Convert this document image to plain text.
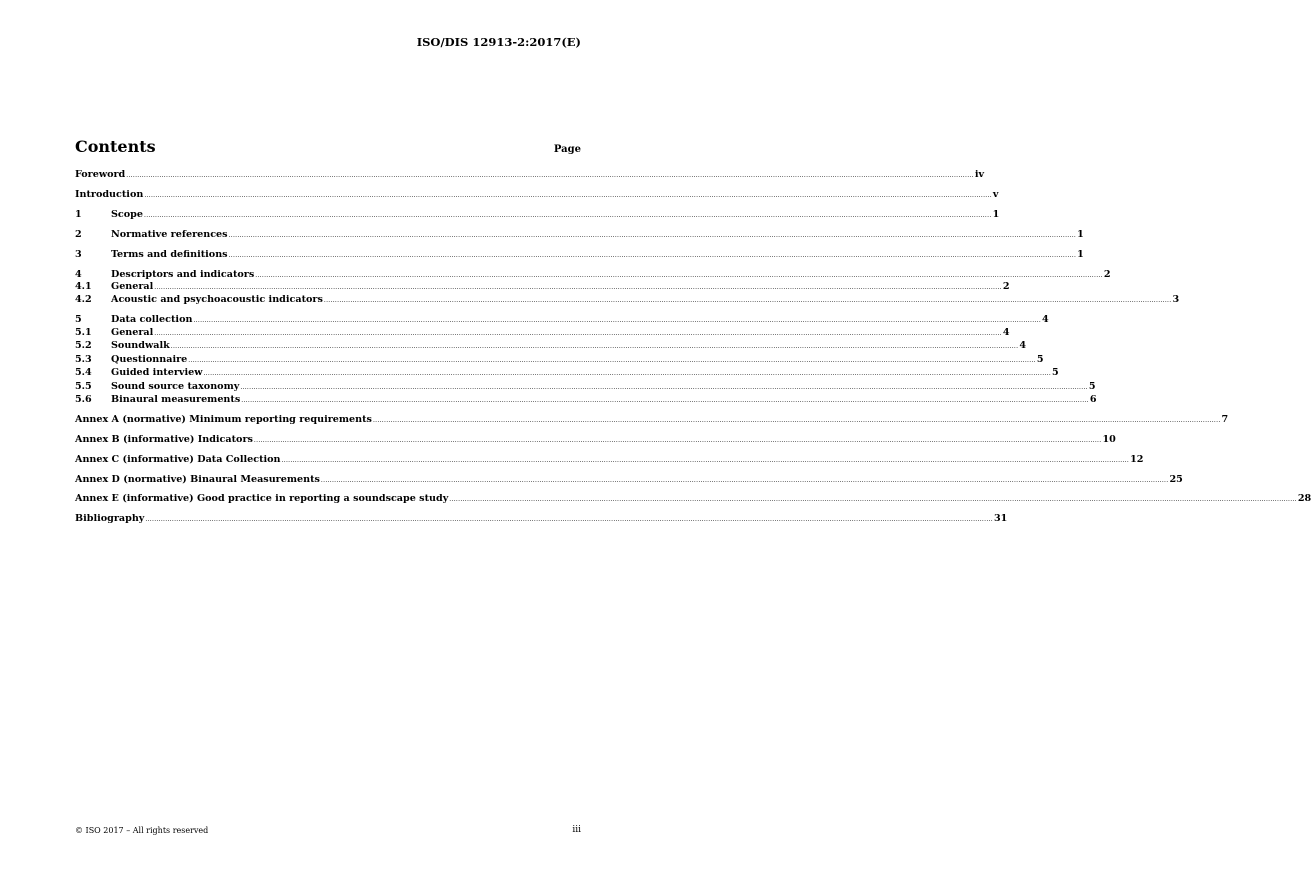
ISO/DIS 12913-2:2017(E)
Contents	Page
Foreword ................................................................................................................................................................................................................................................................................................................................................................................................ iv
Introduction ................................................................................................................................................................................................................................................................................................................................................................................................ v
1	Scope ................................................................................................................................................................................................................................................................................................................................................................................................ 1
2	Normative references ................................................................................................................................................................................................................................................................................................................................................................................................ 1
3	Terms and definitions ................................................................................................................................................................................................................................................................................................................................................................................................ 1
4	Descriptors and indicators ................................................................................................................................................................................................................................................................................................................................................................................................ 2
4.1	General ................................................................................................................................................................................................................................................................................................................................................................................................ 2
4.2	Acoustic and psychoacoustic indicators ................................................................................................................................................................................................................................................................................................................................................................................................ 3
5	Data collection ................................................................................................................................................................................................................................................................................................................................................................................................ 4
5.1	General ................................................................................................................................................................................................................................................................................................................................................................................................ 4
5.2	Soundwalk ................................................................................................................................................................................................................................................................................................................................................................................................ 4
5.3	Questionnaire ................................................................................................................................................................................................................................................................................................................................................................................................ 5
5.4	Guided interview ................................................................................................................................................................................................................................................................................................................................................................................................ 5
5.5	Sound source taxonomy ................................................................................................................................................................................................................................................................................................................................................................................................ 5
5.6	Binaural measurements ................................................................................................................................................................................................................................................................................................................................................................................................ 6
Annex A (normative) Minimum reporting requirements ................................................................................................................................................................................................................................................................................................................................................................................................ 7
Annex B (informative) Indicators ................................................................................................................................................................................................................................................................................................................................................................................................ 10
Annex C (informative) Data Collection ................................................................................................................................................................................................................................................................................................................................................................................................ 12
Annex D (normative) Binaural Measurements ................................................................................................................................................................................................................................................................................................................................................................................................ 25
Annex E (informative) Good practice in reporting a soundscape study ................................................................................................................................................................................................................................................................................................................................................................................................ 28
Bibliography ................................................................................................................................................................................................................................................................................................................................................................................................ 31
© ISO 2017 – All rights reserved	iii
